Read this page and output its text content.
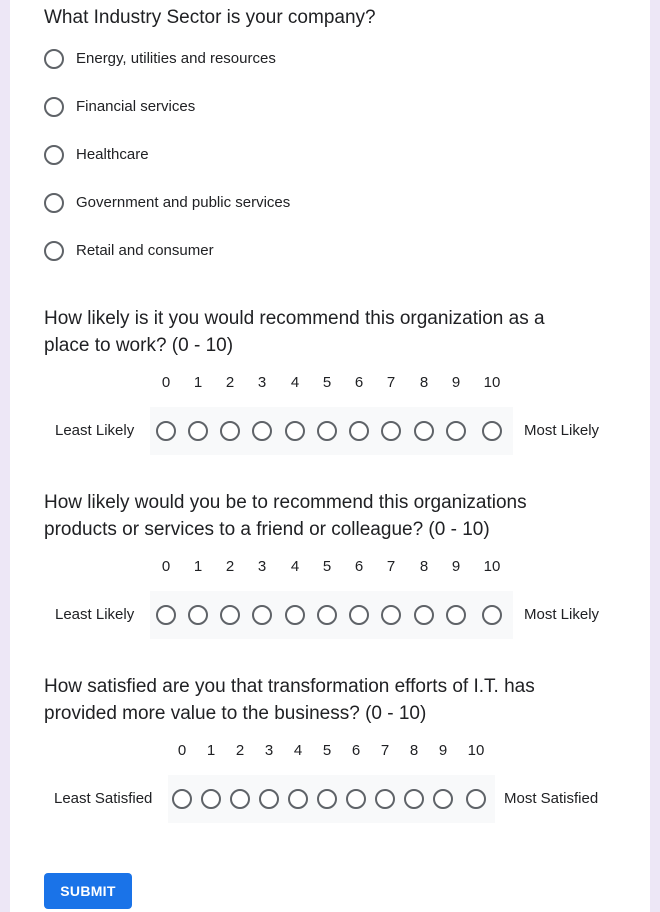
What Industry Sector is your company?
Energy, utilities and resources
Financial services
Healthcare
Government and public services
Retail and consumer
How likely is it you would recommend this organization as a
place to work? (0 - 10)
Least Likely	Most Likely
0	1	2	3	4	5	6	7	8	9	10
How likely would you be to recommend this organizations
products or services to a friend or colleague? (0 - 10)
Least Likely	Most Likely
0	1	2	3	4	5	6	7	8	9	10
How satisfied are you that transformation efforts of I.T. has
provided more value to the business? (0 - 10)
Least Satisfied	Most Satisfied
0	1	2	3	4	5	6	7	8	9	10
SUBMIT
